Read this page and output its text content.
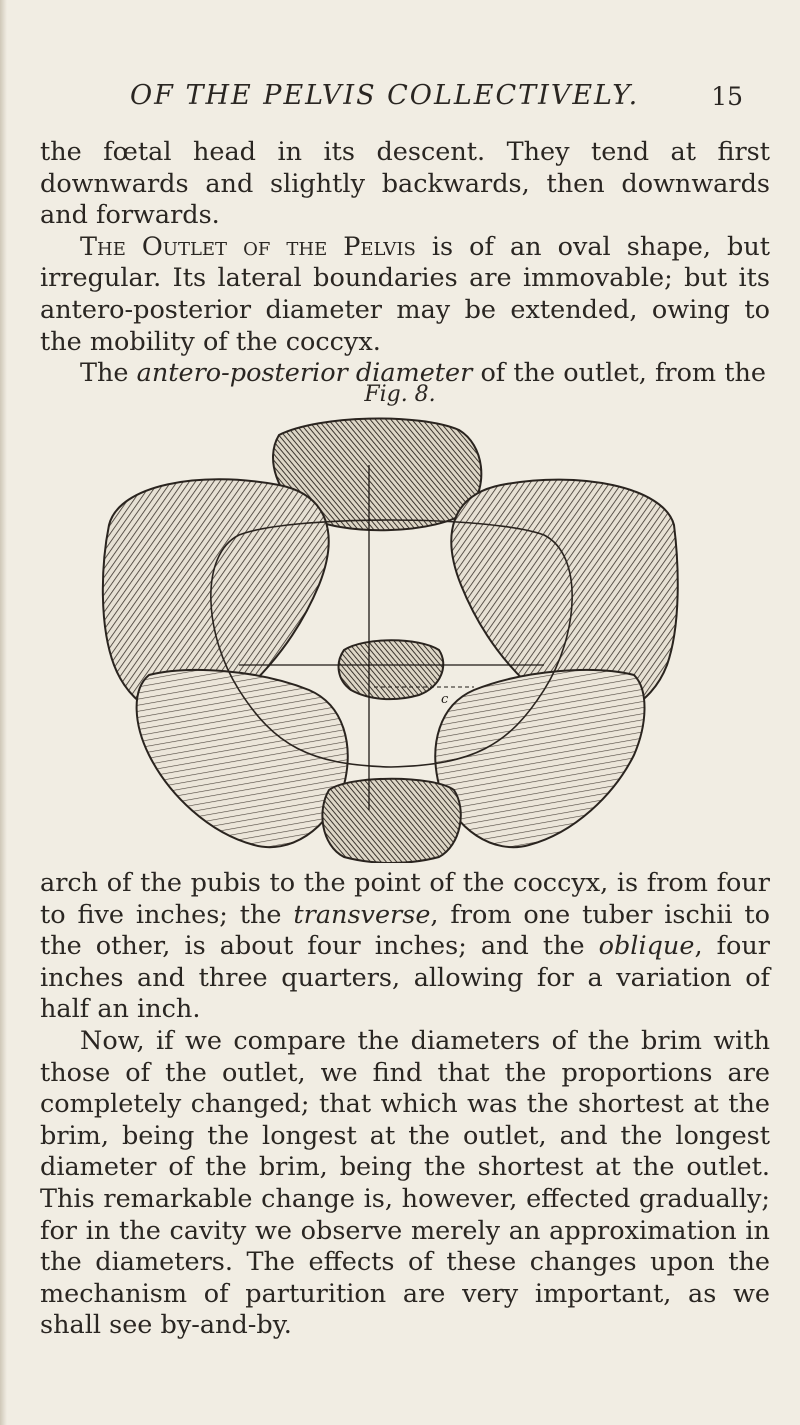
OF THE PELVIS COLLECTIVELY.	15

the fœtal head in its descent. They tend at first downwards and slightly backwards, then downwards and forwards.

The Outlet of the Pelvis is of an oval shape, but irregular. Its lateral boundaries are immovable; but its antero-posterior diameter may be extended, owing to the mobility of the coccyx.

The antero-posterior diameter of the outlet, from the

Fig. 8.
c

arch of the pubis to the point of the coccyx, is from four to five inches; the transverse, from one tuber ischii to the other, is about four inches; and the oblique, four inches and three quarters, allowing for a variation of half an inch.

Now, if we compare the diameters of the brim with those of the outlet, we find that the proportions are completely changed; that which was the shortest at the brim, being the longest at the outlet, and the longest diameter of the brim, being the shortest at the outlet. This remarkable change is, however, effected gradually; for in the cavity we observe merely an approximation in the diameters. The effects of these changes upon the mechanism of parturition are very important, as we shall see by-and-by.
